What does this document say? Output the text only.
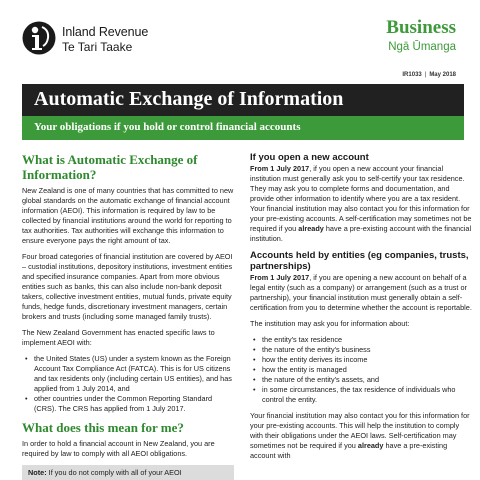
Inland Revenue
Te Tari Taake
Business
Ngā Ūmanga
IR1033 | May 2018
Automatic Exchange of Information
Your obligations if you hold or control financial accounts
What is Automatic Exchange of Information?

New Zealand is one of many countries that has committed to new global standards on the automatic exchange of financial account information (AEOI). This information is required by law to be collected by financial institutions around the world for reporting to tax authorities. Tax authorities will exchange this information to ensure everyone pays the right amount of tax.

Four broad categories of financial institution are covered by AEOI – custodial institutions, depository institutions, investment entities and specified insurance companies. Apart from more obvious entities such as banks, this can also include non-bank deposit takers, collective investment entities, mutual funds, private equity funds, hedge funds, discretionary investment managers, certain brokers and trusts (including some managed family trusts).

The New Zealand Government has enacted specific laws to implement AEOI with:

• the United States (US) under a system known as the Foreign Account Tax Compliance Act (FATCA). This is for US citizens and tax residents only (including certain US entities), and has applied from 1 July 2014, and
• other countries under the Common Reporting Standard (CRS). The CRS has applied from 1 July 2017.
What does this mean for me?

In order to hold a financial account in New Zealand, you are required by law to comply with all AEOI obligations.

Note: If you do not comply with all of your AEOI
If you open a new account

From 1 July 2017, if you open a new account your financial institution must generally ask you to self-certify your tax residence. They may ask you to complete forms and documentation, and provide other information to identify where you are a tax resident. Your financial institution may also contact you for this information for your pre-existing accounts. A self-certification may sometimes not be required if you already have a pre-existing account with the financial institution.

Accounts held by entities (eg companies, trusts, partnerships)

From 1 July 2017, if you are opening a new account on behalf of a legal entity (such as a company) or arrangement (such as a trust or partnership), your financial institution must generally obtain a self-certification from you to determine whether the account is reportable.

The institution may ask you for information about:

• the entity's tax residence
• the nature of the entity's business
• how the entity derives its income
• how the entity is managed
• the nature of the entity's assets, and
• in some circumstances, the tax residence of individuals who control the entity.

Your financial institution may also contact you for this information for your pre-existing accounts. This will help the institution to comply with their obligations under the AEOI laws. Self-certification may sometimes not be required if you already have a pre-existing account with
